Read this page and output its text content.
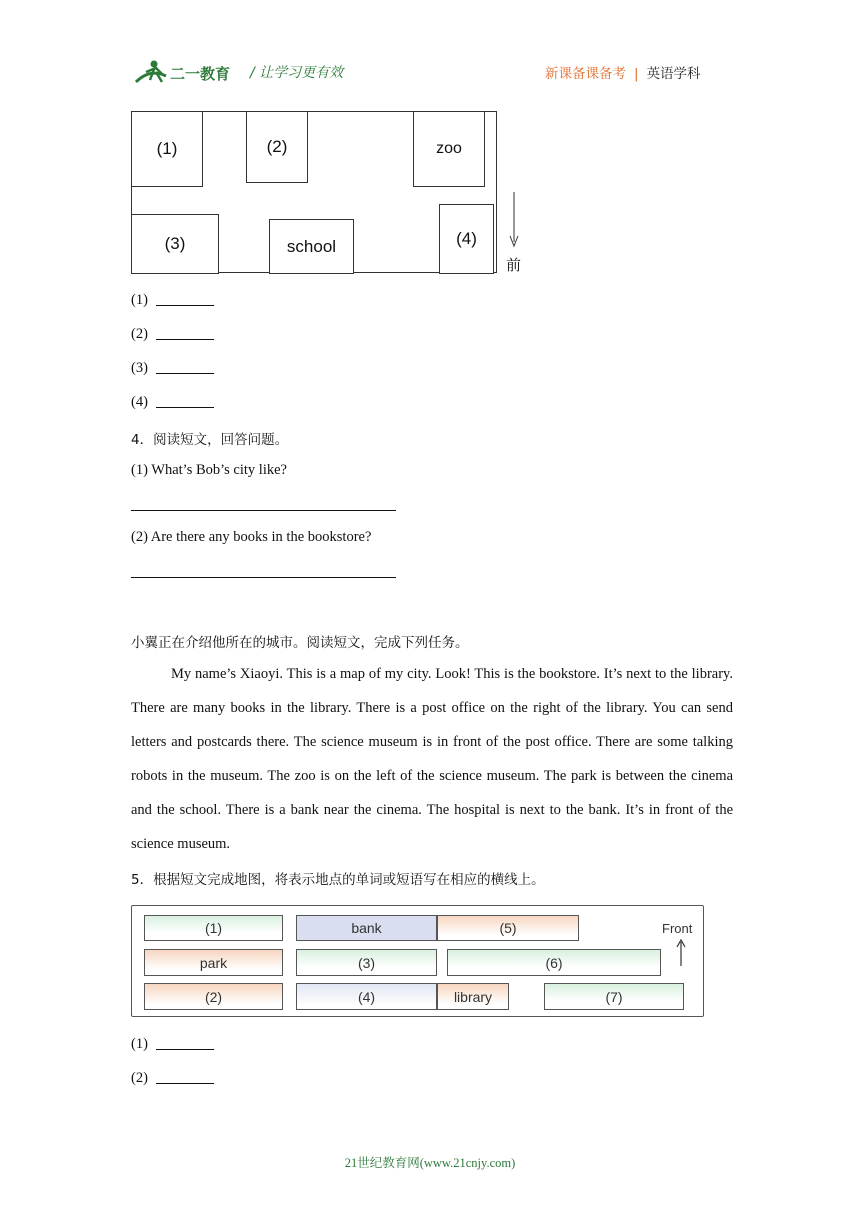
二一教育 / 让学习更有效	新课备课备考 | 英语学科
(1)	(2)	zoo
(3)	school	(4)
前
(1)
(2)
(3)
(4)
4．阅读短文，回答问题。
(1) What’s Bob’s city like?
(2) Are there any books in the bookstore?
小翼正在介绍他所在的城市。阅读短文，完成下列任务。
My name’s Xiaoyi. This is a map of my city. Look! This is the bookstore. It’s next to the library. There are many books in the library. There is a post office on the right of the library. You can send letters and postcards there. The science museum is in front of the post office. There are some talking robots in the museum. The zoo is on the left of the science museum. The park is between the cinema and the school. There is a bank near the cinema. The hospital is next to the bank. It’s in front of the science museum.
5．根据短文完成地图，将表示地点的单词或短语写在相应的横线上。
(1)	bank	(5)	Front
park	(3)	(6)
(2)	(4)	library	(7)
(1)
(2)
21世纪教育网(www.21cnjy.com)
